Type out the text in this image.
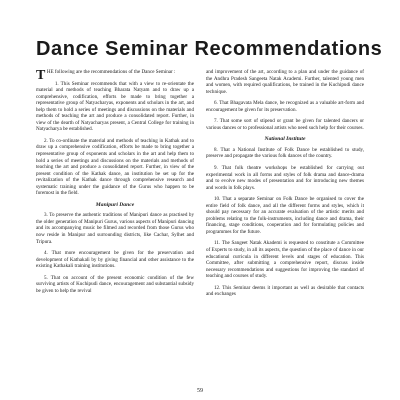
Dance Seminar Recommendations

THE following are the recommendations of the Dance Seminar :

1. This Seminar recommends that with a view to re-orientate the material and methods of teaching Bharata Natyam and to draw up a comprehensive, codification, efforts be made to bring together a representative group of Natyacharyas, exponents and scholars in the art, and help them to hold a series of meetings and discussions on the materials and methods of teaching the art and produce a consolidated report. Further, in view of the dearth of Natyacharyas present, a Central College for training in Natyacharya be established.

2. To co-ordinate the material and methods of teaching in Kathak and to draw up a comprehensive codification, efforts be made to bring together a representative group of exponents and scholars in the art and help them to hold a series of meetings and discussions on the materials and methods of teaching the art and produce a consolidated report. Further, in view of the present condition of the Kathak dance, an institution be set up for the revitalization of the Kathak dance through comprehensive research and systematic training under the guidance of the Gurus who happen to be foremost in the field.

Manipuri Dance

3. To preserve the authentic traditions of Manipuri dance as practised by the older generation of Manipuri Gurus, various aspects of Manipuri dancing and its accompanying music be filmed and recorded from those Gurus who now reside in Manipur and surrounding districts, like Cachar, Sylhet and Tripura.

4. That more encouragement be given for the preservation and development of Kathakali by by giving financial and other assistance to the existing Kathakali training institutions.

5. That on account of the present economic condition of the few surviving artists of Kuchipudi dance, encouragement and substantial subsidy be given to help the revival

and improvement of the art, according to a plan and under the guidance of the Andhra Pradesh Sangeeta Natak Academi. Further, talented young men and women, with required qualifications, be trained in the Kuchipudi dance technique.

6. That Bhagavata Mela dance, be recognized as a valuable art-form and encouragement be given for its preservation.

7. That some sort of stipend or grant be given for talented dancers or various dances or to professional artists who need such help for their courses.

National Institute

8. That a National Institute of Folk Dance be established to study, preserve and propagate the various folk dances of the country.

9. That folk theatre workshops be established for carrying out experimental work in all forms and styles of folk drama and dance-drama and to evolve new modes of presentation and for introducing new themes and words in folk plays.

10. That a separate Seminar on Folk Dance be organised to cover the entire field of folk dance, and all the different forms and styles, which it should pay necessary for an accurate evaluation of the artistic merits and problems relating to the folk-instruments, including dance and drama, their financing, stage conditions, cooperation and for formulating policies and programmes for the future.

11. The Sangeet Natak Akademi is requested to constitute a Committee of Experts to study, in all its aspects, the question of the place of dance in our educational curricula in different levels and stages of education. This Committee, after submitting a comprehensive report, discuss inside necessary recommendations and suggestions for improving the standard of teaching and courses of study.

12. This Seminar deems it important as well as desirable that contacts and exchanges

59
